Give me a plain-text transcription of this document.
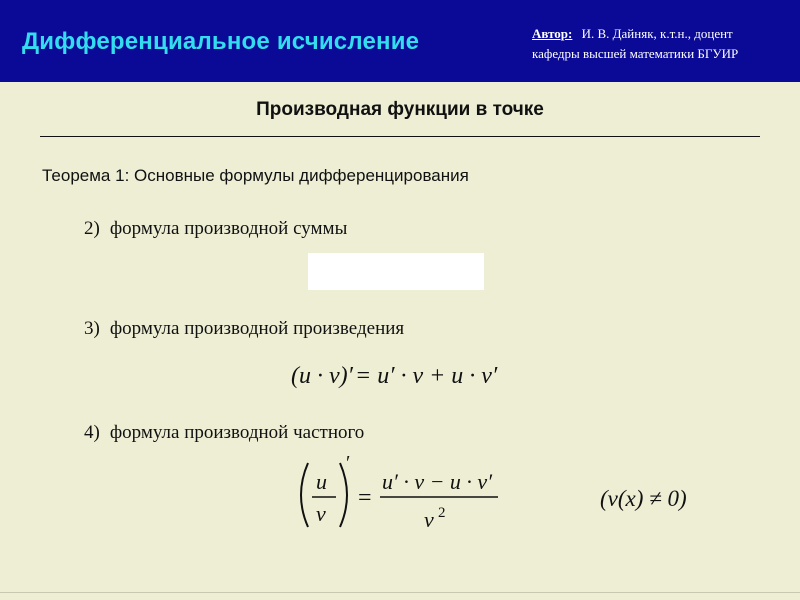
Дифференциальное исчисление	Автор: И. В. Дайняк, к.т.н., доцент
кафедры высшей математики БГУИР
Производная функции в точке
Теорема 1: Основные формулы дифференцирования
2) формула производной суммы
3) формула производной произведения
(u · v)′ = u′ · v + u · v′
4) формула производной частного
u
v
′
=
u′ · v − u · v′
v 2
(v(x) ≠ 0)
